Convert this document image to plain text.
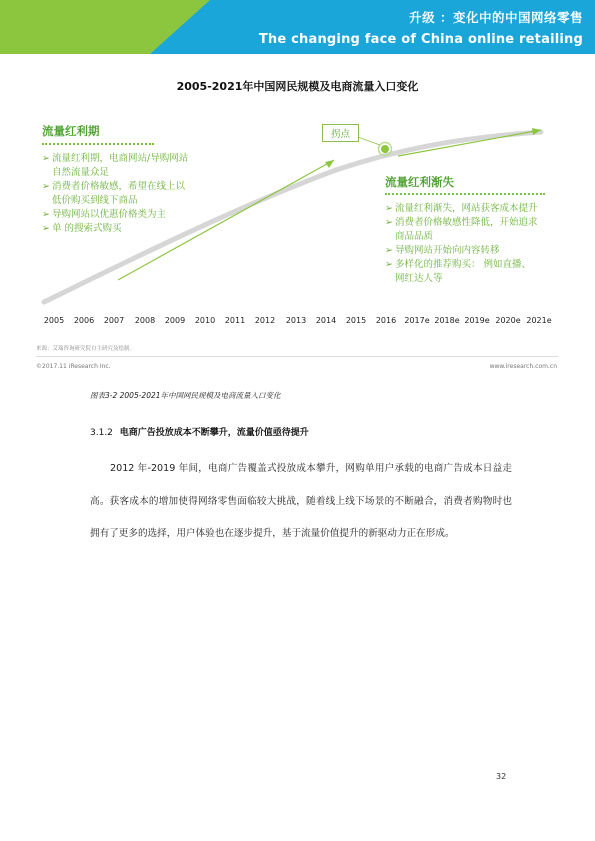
升级 ：变化中的中国网络零售
The changing face of China online retailing
2005-2021年中国网民规模及电商流量入口变化
拐点
流量红利期
➢ 流量红利期，电商网站/导购网站
自然流量众足
➢ 消费者价格敏感，希望在线上以
低价购买到线下商品
➢ 导购网站以优惠价格类为主
➢ 单 的搜索式购买
流量红利渐失
➢ 流量红利渐失，网站获客成本提升
➢ 消费者价格敏感性降低，开始追求
商品品质
➢ 导购网站开始向内容转移
➢ 多样化的推荐购买： 例如直播、
网红达人等
2005 2006 2007 2008 2009 2010 2011 2012 2013 2014 2015 2016 2017e 2018e 2019e 2020e 2021e
来源：艾瑞咨询研究院自主研究及绘制。
©2017.11 iResearch Inc.	www.iresearch.com.cn
图表3-2 2005-2021年中国网民规模及电商流量入口变化
3.1.2 电商广告投放成本不断攀升，流量价值亟待提升
2012 年-2019 年间，电商广告覆盖式投放成本攀升，网购单用户承载的电商广告成本日益走高。获客成本的增加使得网络零售面临较大挑战，随着线上线下场景的不断融合，消费者购物时也拥有了更多的选择，用户体验也在逐步提升，基于流量价值提升的新驱动力正在形成。
32
